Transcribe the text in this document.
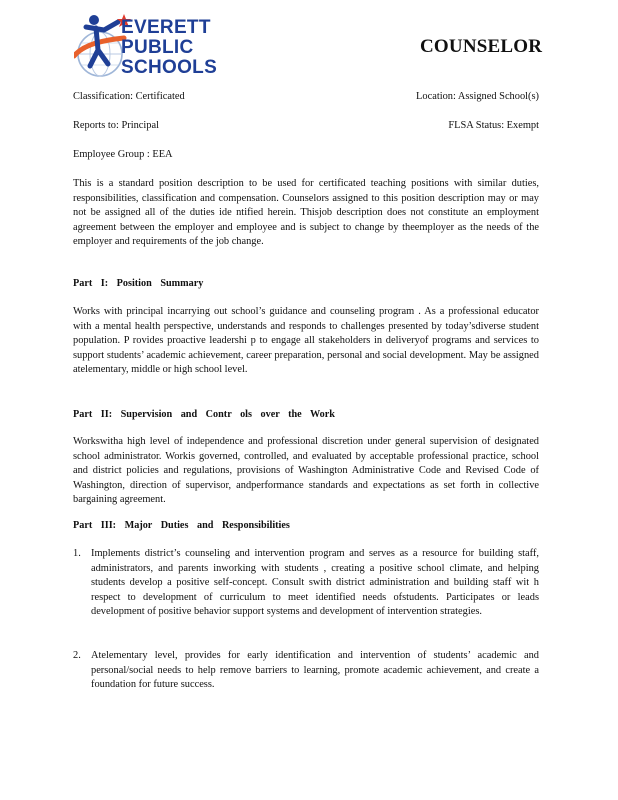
EVERETT
PUBLIC
SCHOOLS
COUNSELOR
Classification: Certificated	Location: Assigned School(s)
Reports to: Principal	FLSA Status: Exempt
Employee Group : EEA
This is a standard position description to be used for certificated teaching positions with similar duties, responsibilities, classification and compensation. Counselors assigned to this position description may or may not be assigned all of the duties ide ntified herein. Thisjob description does not constitute an employment agreement between the employer and employee and is subject to change by theemployer as the needs of the employer and requirements of the job change.
Part I: Position Summary
Works with principal incarrying out school’s guidance and counseling program . As a professional educator with a mental health perspective, understands and responds to challenges presented by today’sdiverse student population. P rovides proactive leadershi p to engage all stakeholders in deliveryof programs and services to support students’ academic achievement, career preparation, personal and social development. May be assigned atelementary, middle or high school level.
Part II: Supervision and Contr ols over the Work
Workswitha high level of independence and professional discretion under general supervision of designated school administrator. Workis governed, controlled, and evaluated by acceptable professional practice, school and district policies and regulations, provisions of Washington Administrative Code and Revised Code of Washington, direction of supervisor, andperformance standards and expectations as set forth in collective bargaining agreement.
Part III: Major Duties and Responsibilities
1. Implements district’s counseling and intervention program and serves as a resource for building staff, administrators, and parents inworking with students , creating a positive school climate, and helping students develop a positive self-concept. Consult swith district administration and building staff wit h respect to development of curriculum to meet identified needs ofstudents. Participates or leads development of positive behavior support systems and development of intervention strategies.
2. Atelementary level, provides for early identification and intervention of students’ academic and personal/social needs to help remove barriers to learning, promote academic achievement, and create a foundation for future success.
